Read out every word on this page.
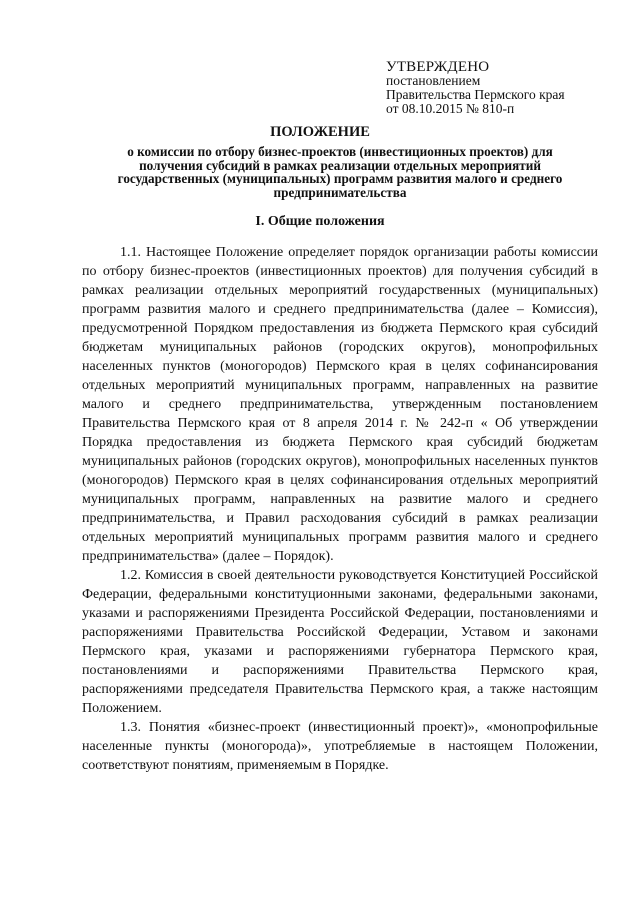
УТВЕРЖДЕНО
постановлением
Правительства Пермского края
от 08.10.2015 № 810-п
ПОЛОЖЕНИЕ
о комиссии по отбору бизнес-проектов (инвестиционных проектов) для получения субсидий в рамках реализации отдельных мероприятий государственных (муниципальных) программ развития малого и среднего предпринимательства
I. Общие положения

1.1. Настоящее Положение определяет порядок организации работы комиссии по отбору бизнес-проектов (инвестиционных проектов) для получения субсидий в рамках реализации отдельных мероприятий государственных (муниципальных) программ развития малого и среднего предпринимательства (далее – Комиссия), предусмотренной Порядком предоставления из бюджета Пермского края субсидий бюджетам муниципальных районов (городских округов), монопрофильных населенных пунктов (моногородов) Пермского края в целях софинансирования отдельных мероприятий муниципальных программ, направленных на развитие малого и среднего предпринимательства, утвержденным постановлением Правительства Пермского края от 8 апреля 2014 г. № 242-п « Об утверждении Порядка предоставления из бюджета Пермского края субсидий бюджетам муниципальных районов (городских округов), монопрофильных населенных пунктов (моногородов) Пермского края в целях софинансирования отдельных мероприятий муниципальных программ, направленных на развитие малого и среднего предпринимательства, и Правил расходования субсидий в рамках реализации отдельных мероприятий муниципальных программ развития малого и среднего предпринимательства» (далее – Порядок).

1.2. Комиссия в своей деятельности руководствуется Конституцией Российской Федерации, федеральными конституционными законами, федеральными законами, указами и распоряжениями Президента Российской Федерации, постановлениями и распоряжениями Правительства Российской Федерации, Уставом и законами Пермского края, указами и распоряжениями губернатора Пермского края, постановлениями и распоряжениями Правительства Пермского края, распоряжениями председателя Правительства Пермского края, а также настоящим Положением.

1.3. Понятия «бизнес-проект (инвестиционный проект)», «монопрофильные населенные пункты (моногорода)», употребляемые в настоящем Положении, соответствуют понятиям, применяемым в Порядке.
